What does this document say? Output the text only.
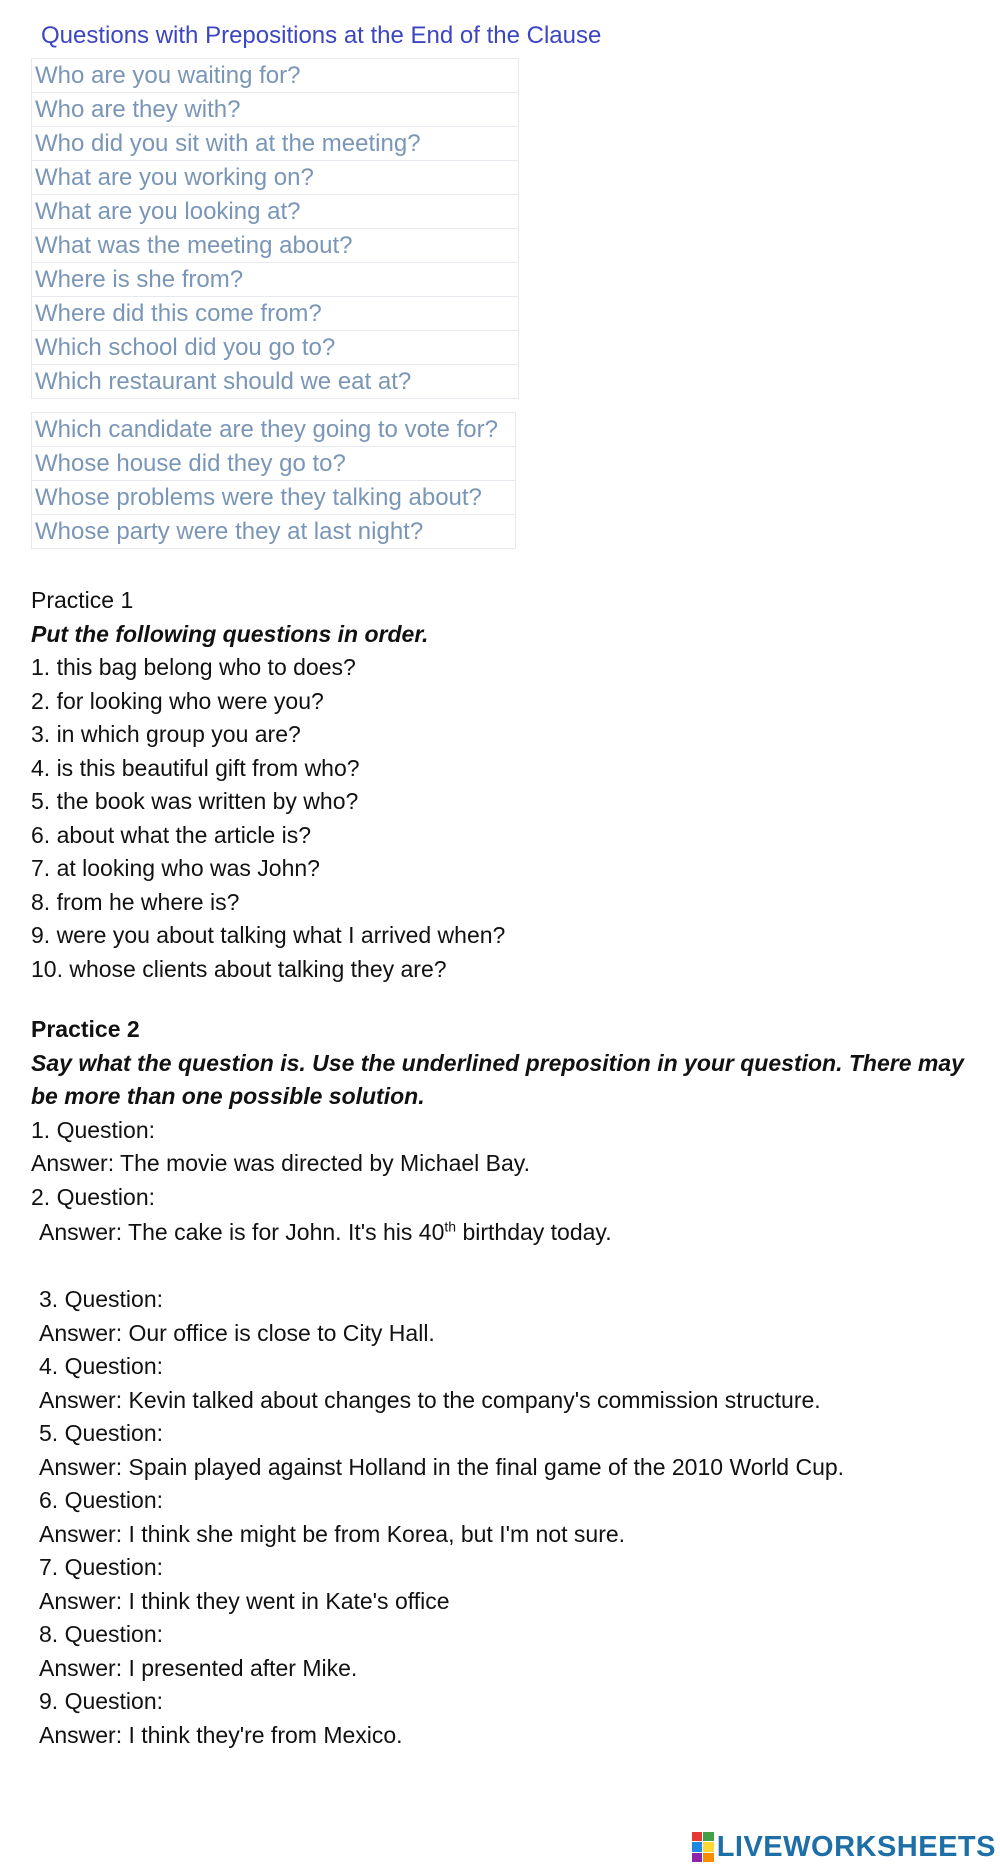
Questions with Prepositions at the End of the Clause
Who are you waiting for?
Who are they with?
Who did you sit with at the meeting?
What are you working on?
What are you looking at?
What was the meeting about?
Where is she from?
Where did this come from?
Which school did you go to?
Which restaurant should we eat at?
Which candidate are they going to vote for?
Whose house did they go to?
Whose problems were they talking about?
Whose party were they at last night?
Practice 1
Put the following questions in order.
1. this bag belong who to does?
2. for looking who were you?
3. in which group you are?
4. is this beautiful gift from who?
5. the book was written by who?
6. about what the article is?
7. at looking who was John?
8. from he where is?
9. were you about talking what I arrived when?
10. whose clients about talking they are?
Practice 2
Say what the question is. Use the underlined preposition in your question. There may be more than one possible solution.
1. Question:
Answer: The movie was directed by Michael Bay.
2. Question:
Answer: The cake is for John. It's his 40th birthday today.
3. Question:
Answer: Our office is close to City Hall.
4. Question:
Answer: Kevin talked about changes to the company's commission structure.
5. Question:
Answer: Spain played against Holland in the final game of the 2010 World Cup.
6. Question:
Answer: I think she might be from Korea, but I'm not sure.
7. Question:
Answer: I think they went in Kate's office
8. Question:
Answer: I presented after Mike.
9. Question:
Answer: I think they're from Mexico.
LIVEWORKSHEETS
